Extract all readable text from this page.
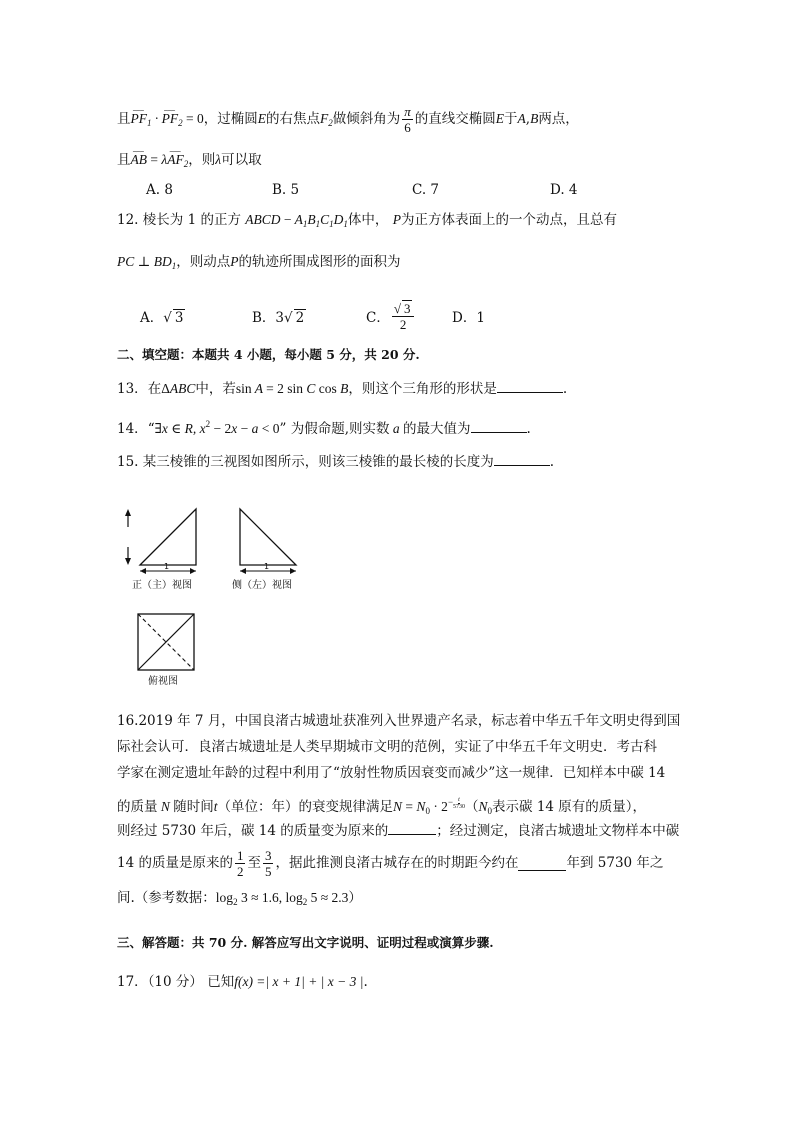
且⌢⌢⌢ $PF_1$ · ⌢⌢⌢ $PF_2 = 0$，过椭圆E的右焦点$F_2$做倾斜角为 $\frac{\pi}{6}$ 的直线交椭圆E于A,B两点，
且⌢⌢⌢ AB = λ⌢⌢⌢ $AF_2$，则λ可以取
A. 8	B. 5	C. 7	D. 4
12. 棱长为 1 的正方 ABCD − $A_1B_1C_1D_1$体中， P为正方体表面上的一个动点，且总有
PC ⊥ $BD_1$，则动点P的轨迹所围成图形的面积为
A．√ 3	B．3√ 2	C． $\frac{√ 3}{2}$	D．1
二、填空题：本题共 4 小题，每小题 5 分，共 20 分.
13．在ΔABC中，若sin A = 2 sin C cos B，则这个三角形的形状是	.
14．“∃x ∈ R, $x^2 - 2x - a < 0$” 为假命题,则实数 a 的最大值为	.
15. 某三棱锥的三视图如图所示，则该三棱锥的最长棱的长度为	.
1	1
正（主）视图	侧（左）视图
俯视图
16.2019 年 7 月，中国良渚古城遗址获准列入世界遗产名录，标志着中华五千年文明史得到国
际社会认可．良渚古城遗址是人类早期城市文明的范例，实证了中华五千年文明史．考古科
学家在测定遗址年龄的过程中利用了“放射性物质因衰变而减少”这一规律．已知样本中碳 14
的质量 N 随时间t（单位：年）的衰变规律满足$N = N_0 \cdot 2^{- \frac{t}{5730}}$ （$N_0$表示碳 14 原有的质量），
则经过 5730 年后，碳 14 的质量变为原来的	；经过测定，良渚古城遗址文物样本中碳
14 的质量是原来的 $\frac{1}{2}$ 至 $\frac{3}{5}$ ，据此推测良渚古城存在的时期距今约在	年到 5730 年之
间.（参考数据：$\log_2 3 \approx 1.6$, $\log_2 5 \approx 2.3$）
三、解答题：共 70 分. 解答应写出文字说明、证明过程或演算步骤.
17．（10 分） 已知f(x) =| x + 1| + | x − 3 |.
